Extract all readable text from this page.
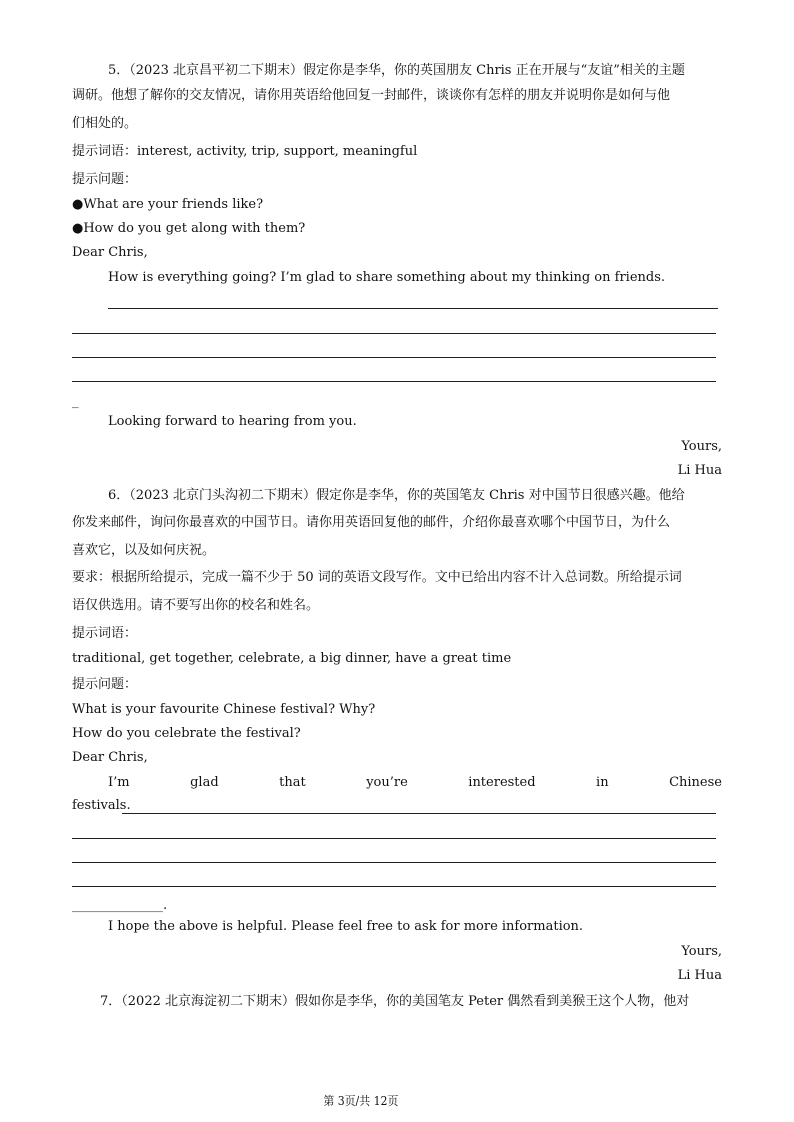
5．（2023 北京昌平初二下期末）假定你是李华，你的英国朋友 Chris 正在开展与“友谊”相关的主题
调研。他想了解你的交友情况，请你用英语给他回复一封邮件，谈谈你有怎样的朋友并说明你是如何与他
们相处的。
提示词语：interest, activity, trip, support, meaningful
提示问题：
●What are your friends like?
●How do you get along with them?
Dear Chris,
How is everything going? I’m glad to share something about my thinking on friends.
_
Looking forward to hearing from you.
Yours,
Li Hua
6．（2023 北京门头沟初二下期末）假定你是李华，你的英国笔友 Chris 对中国节日很感兴趣。他给
你发来邮件，询问你最喜欢的中国节日。请你用英语回复他的邮件，介绍你最喜欢哪个中国节日，为什么
喜欢它，以及如何庆祝。
要求：根据所给提示，完成一篇不少于 50 词的英语文段写作。文中已给出内容不计入总词数。所给提示词
语仅供选用。请不要写出你的校名和姓名。
提示词语：
traditional, get together, celebrate, a big dinner, have a great time
提示问题：
What is your favourite Chinese festival? Why?
How do you celebrate the festival?
Dear Chris,
I’m	glad	that	you’re	interested	in	Chinese
festivals.
______________.
I hope the above is helpful. Please feel free to ask for more information.
Yours,
Li Hua
7．（2022 北京海淀初二下期末）假如你是李华，你的美国笔友 Peter 偶然看到美猴王这个人物，他对
第 3页/共 12页
